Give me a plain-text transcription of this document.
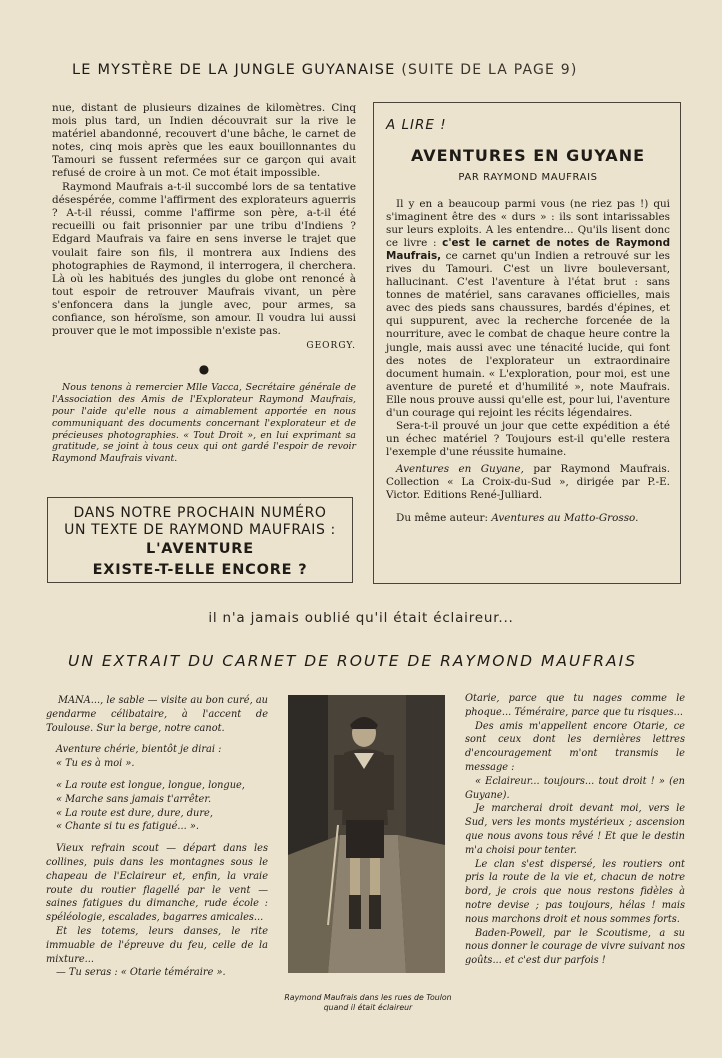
LE MYSTÈRE DE LA JUNGLE GUYANAISE (SUITE DE LA PAGE 9)

nue, distant de plusieurs dizaines de kilomètres. Cinq mois plus tard, un Indien découvrait sur la rive le matériel abandonné, recouvert d'une bâche, le carnet de notes, cinq mois après que les eaux bouillonnantes du Tamouri se fussent refermées sur ce garçon qui avait refusé de croire à un mot. Ce mot était impossible.

Raymond Maufrais a-t-il succombé lors de sa tentative désespérée, comme l'affirment des explorateurs aguerris ? A-t-il réussi, comme l'affirme son père, a-t-il été recueilli ou fait prisonnier par une tribu d'Indiens ? Edgard Maufrais va faire en sens inverse le trajet que voulait faire son fils, il montrera aux Indiens des photographies de Raymond, il interrogera, il cherchera. Là où les habitués des jungles du globe ont renoncé à tout espoir de retrouver Maufrais vivant, un père s'enfoncera dans la jungle avec, pour armes, sa confiance, son héroïsme, son amour. Il voudra lui aussi prouver que le mot impossible n'existe pas.

GEORGY.
●

Nous tenons à remercier Mlle Vacca, Secrétaire générale de l'Association des Amis de l'Explorateur Raymond Maufrais, pour l'aide qu'elle nous a aimablement apportée en nous communiquant des documents concernant l'explorateur et de précieuses photographies. « Tout Droit », en lui exprimant sa gratitude, se joint à tous ceux qui ont gardé l'espoir de revoir Raymond Maufrais vivant.

DANS NOTRE PROCHAIN NUMÉRO
UN TEXTE DE RAYMOND MAUFRAIS :
L'AVENTURE
EXISTE-T-ELLE ENCORE ?
A LIRE !
AVENTURES EN GUYANE
PAR RAYMOND MAUFRAIS

Il y en a beaucoup parmi vous (ne riez pas !) qui s'imaginent être des « durs » : ils sont intarissables sur leurs exploits. A les entendre... Qu'ils lisent donc ce livre : c'est le carnet de notes de Raymond Maufrais, ce carnet qu'un Indien a retrouvé sur les rives du Tamouri. C'est un livre bouleversant, hallucinant. C'est l'aventure à l'état brut : sans tonnes de matériel, sans caravanes officielles, mais avec des pieds sans chaussures, bardés d'épines, et qui suppurent, avec la recherche forcenée de la nourriture, avec le combat de chaque heure contre la jungle, mais aussi avec une ténacité lucide, qui font des notes de l'explorateur un extraordinaire document humain. « L'exploration, pour moi, est une aventure de pureté et d'humilité », note Maufrais. Elle nous prouve aussi qu'elle est, pour lui, l'aventure d'un courage qui rejoint les récits légendaires.

Sera-t-il prouvé un jour que cette expédition a été un échec matériel ? Toujours est-il qu'elle restera l'exemple d'une réussite humaine.

Aventures en Guyane, par Raymond Maufrais. Collection « La Croix-du-Sud », dirigée par P.-E. Victor. Editions René-Julliard.

Du même auteur: Aventures au Matto-Grosso.

il n'a jamais oublié qu'il était éclaireur...
UN EXTRAIT DU CARNET DE ROUTE DE RAYMOND MAUFRAIS

MANA..., le sable — visite au bon curé, au gendarme célibataire, à l'accent de Toulouse. Sur la berge, notre canot.

Aventure chérie, bientôt je dirai :

« Tu es à moi ».

« La route est longue, longue, longue,

« Marche sans jamais t'arrêter.

« La route est dure, dure, dure,

« Chante si tu es fatigué... ».

Vieux refrain scout — départ dans les collines, puis dans les montagnes sous le chapeau de l'Eclaireur et, enfin, la vraie route du routier flagellé par le vent — saines fatigues du dimanche, rude école : spéléologie, escalades, bagarres amicales...

Et les totems, leurs danses, le rite immuable de l'épreuve du feu, celle de la mixture...

— Tu seras : « Otarie téméraire ».

Raymond Maufrais dans les rues de Toulon quand il était éclaireur

Otarie, parce que tu nages comme le phoque... Téméraire, parce que tu risques...

Des amis m'appellent encore Otarie, ce sont ceux dont les dernières lettres d'encouragement m'ont transmis le message :

« Eclaireur... toujours... tout droit ! » (en Guyane).

Je marcherai droit devant moi, vers le Sud, vers les monts mystérieux ; ascension que nous avons tous rêvé ! Et que le destin m'a choisi pour tenter.

Le clan s'est dispersé, les routiers ont pris la route de la vie et, chacun de notre bord, je crois que nous restons fidèles à notre devise ; pas toujours, hélas ! mais nous marchons droit et nous sommes forts.

Baden-Powell, par le Scoutisme, a su nous donner le courage de vivre suivant nos goûts... et c'est dur parfois !
